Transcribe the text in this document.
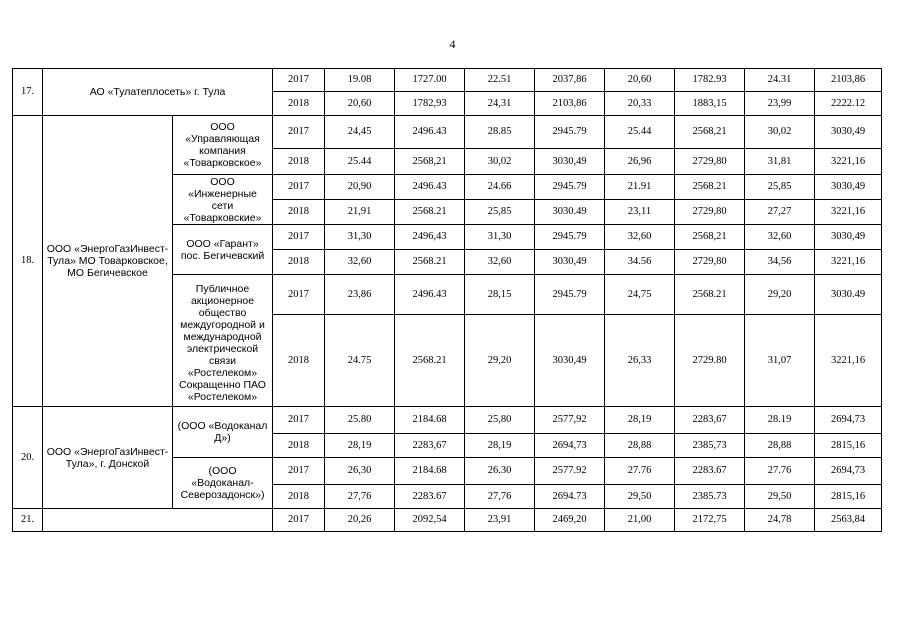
4
17.	АО «Тулатеплосеть» г. Тула		2017	19.08	1727.00	22.51	2037,86	20,60	1782.93	24.31	2103,86
			2018	20,60	1782,93	24,31	2103,86	20,33	1883,15	23,99	2222.12
18.	ООО «ЭнергоГазИнвест-Тула» МО Товарковское, МО Бегичевское	ООО «Управляющая компания «Товарковское»	2017	24,45	2496.43	28.85	2945.79	25.44	2568,21	30,02	3030,49
			2018	25.44	2568,21	30,02	3030,49	26,96	2729,80	31,81	3221,16
		ООО «Инженерные сети «Товарковские»	2017	20,90	2496.43	24.66	2945.79	21.91	2568.21	25,85	3030,49
			2018	21,91	2568.21	25,85	3030.49	23,11	2729,80	27,27	3221,16
		ООО «Гарант» пос. Бегичевский	2017	31,30	2496,43	31,30	2945.79	32,60	2568,21	32,60	3030,49
			2018	32,60	2568.21	32,60	3030,49	34.56	2729,80	34,56	3221,16
		Публичное акционерное общество междугородной и международной электрической связи «Ростелеком» Сокращенно ПАО «Ростелеком»	2017	23,86	2496.43	28,15	2945.79	24,75	2568.21	29,20	3030.49
			2018	24.75	2568.21	29,20	3030,49	26,33	2729.80	31,07	3221,16
20.	ООО «ЭнергоГазИнвест-Тула», г. Донской	(ООО «Водоканал Д»)	2017	25.80	2184.68	25,80	2577,92	28,19	2283,67	28.19	2694,73
			2018	28,19	2283,67	28,19	2694,73	28,88	2385,73	28,88	2815,16
		(ООО «Водоканал-Северозадонск»)	2017	26,30	2184.68	26.30	2577.92	27.76	2283.67	27.76	2694,73
			2018	27,76	2283.67	27,76	2694.73	29,50	2385.73	29,50	2815,16
21.			2017	20,26	2092,54	23,91	2469,20	21,00	2172,75	24,78	2563,84
